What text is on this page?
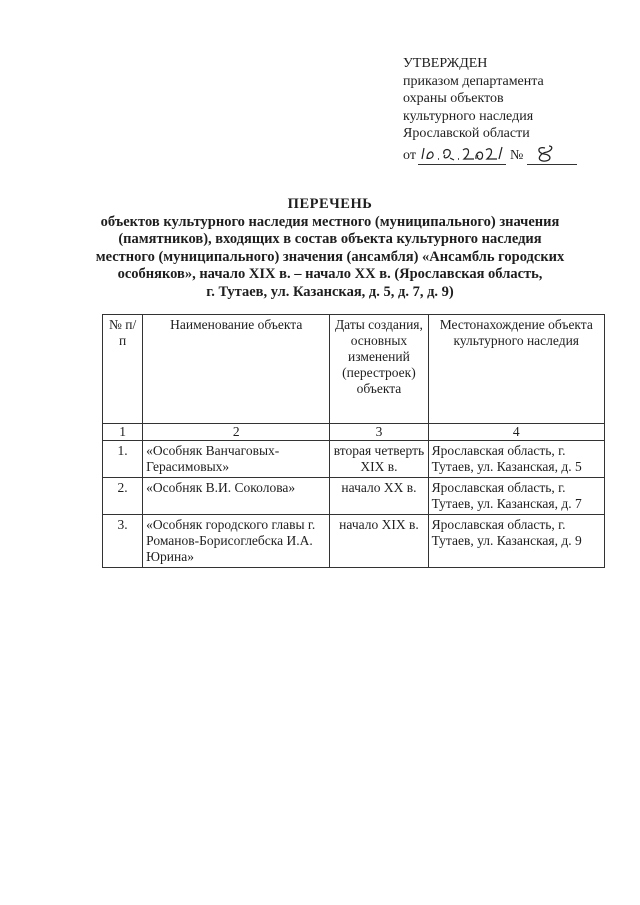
УТВЕРЖДЕН
приказом департамента
охраны объектов
культурного наследия
Ярославской области
от	№
ПЕРЕЧЕНЬ
объектов культурного наследия местного (муниципального) значения
(памятников), входящих в состав объекта культурного наследия
местного (муниципального) значения (ансамбля) «Ансамбль городских
особняков», начало XIX в. – начало XX в. (Ярославская область,
г. Тутаев, ул. Казанская, д. 5, д. 7, д. 9)
№ п/п	Наименование объекта	Даты создания, основных изменений (перестроек) объекта	Местонахождение объекта культурного наследия
1	2	3	4
1.	«Особняк Ванчаговых-Герасимовых»	вторая четверть XIX в.	Ярославская область, г. Тутаев, ул. Казанская, д. 5
2.	«Особняк В.И. Соколова»	начало XX в.	Ярославская область, г. Тутаев, ул. Казанская, д. 7
3.	«Особняк городского главы г. Романов-Борисоглебска И.А. Юрина»	начало XIX в.	Ярославская область, г. Тутаев, ул. Казанская, д. 9
